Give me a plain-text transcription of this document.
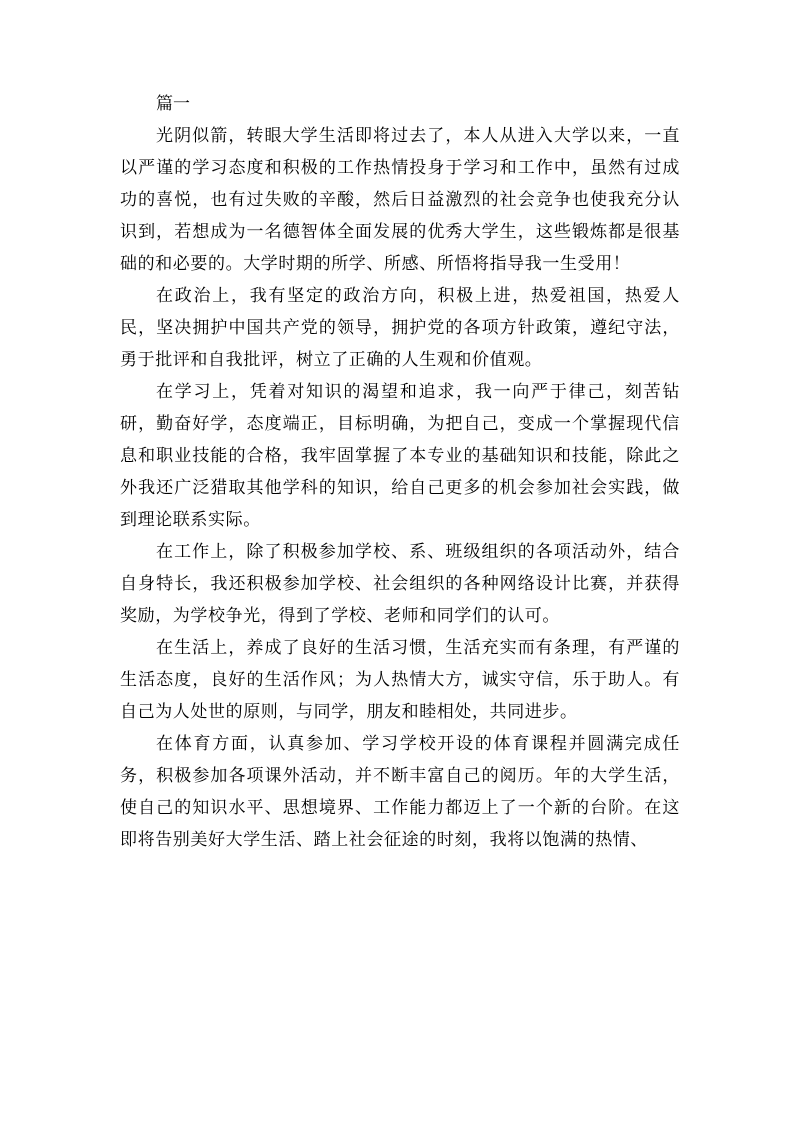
篇一

光阴似箭，转眼大学生活即将过去了，本人从进入大学以来，一直以严谨的学习态度和积极的工作热情投身于学习和工作中，虽然有过成功的喜悦，也有过失败的辛酸，然后日益激烈的社会竞争也使我充分认识到，若想成为一名德智体全面发展的优秀大学生，这些锻炼都是很基础的和必要的。大学时期的所学、所感、所悟将指导我一生受用！

在政治上，我有坚定的政治方向，积极上进，热爱祖国，热爱人民，坚决拥护中国共产党的领导，拥护党的各项方针政策，遵纪守法，勇于批评和自我批评，树立了正确的人生观和价值观。

在学习上，凭着对知识的渴望和追求，我一向严于律己，刻苦钻研，勤奋好学，态度端正，目标明确，为把自己，变成一个掌握现代信息和职业技能的合格，我牢固掌握了本专业的基础知识和技能，除此之外我还广泛猎取其他学科的知识，给自己更多的机会参加社会实践，做到理论联系实际。

在工作上，除了积极参加学校、系、班级组织的各项活动外，结合自身特长，我还积极参加学校、社会组织的各种网络设计比赛，并获得奖励，为学校争光，得到了学校、老师和同学们的认可。

在生活上，养成了良好的生活习惯，生活充实而有条理，有严谨的生活态度，良好的生活作风；为人热情大方，诚实守信，乐于助人。有自己为人处世的原则，与同学，朋友和睦相处，共同进步。

在体育方面，认真参加、学习学校开设的体育课程并圆满完成任务，积极参加各项课外活动，并不断丰富自己的阅历。年的大学生活，使自己的知识水平、思想境界、工作能力都迈上了一个新的台阶。在这即将告别美好大学生活、踏上社会征途的时刻，我将以饱满的热情、
